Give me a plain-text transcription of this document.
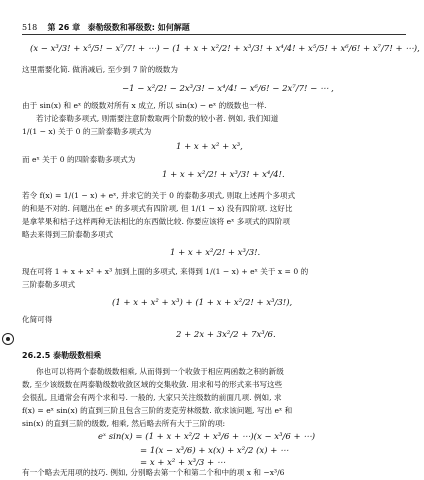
518 第 26 章 泰勒级数和幂级数: 如何解题
(x − x³/3! + x⁵/5! − x⁷/7! + ⋯) − (1 + x + x²/2! + x³/3! + x⁴/4! + x⁵/5! + x⁶/6! + x⁷/7! + ⋯),
这里需要化简. 做消减后, 至少到 7 阶的级数为
−1 − x²/2! − 2x³/3! − x⁴/4! − x⁶/6! − 2x⁷/7! − ⋯ ,
由于 sin(x) 和 eˣ 的级数对所有 x 成立, 所以 sin(x) − eˣ 的级数也一样.
若讨论泰勒多项式, 则需要注意阶数取两个阶数的较小者. 例如, 我们知道
1/(1 − x) 关于 0 的三阶泰勒多项式为
1 + x + x² + x³,
而 eˣ 关于 0 的四阶泰勒多项式为
1 + x + x²/2! + x³/3! + x⁴/4!.
若令 f(x) = 1/(1 − x) + eˣ, 并求它的关于 0 的泰勒多项式, 则取上述两个多项式
的和是不对的. 问题出在 eˣ 的多项式有四阶项, 但 1/(1 − x) 没有四阶项. 这好比
是拿苹果和桔子这样两种无法相比的东西做比较. 你要应该将 eˣ 多项式的四阶项
略去来得到三阶泰勒多项式
1 + x + x²/2! + x³/3!.
现在可将 1 + x + x² + x³ 加到上面的多项式, 来得到 1/(1 − x) + eˣ 关于 x = 0 的
三阶泰勒多项式
(1 + x + x² + x³) + (1 + x + x²/2! + x³/3!),
化简可得
2 + 2x + 3x²/2 + 7x³/6.
26.2.5 泰勒级数相乘
你也可以将两个泰勒级数相乘, 从而得到一个收敛于相应两函数之积的新级
数, 至少该级数在两泰勒级数收敛区域的交集收敛. 用求和号的形式来书写这些
会很乱, 且通常会有两个求和号. 一般的, 大家只关注级数的前面几项. 例如, 求
f(x) = eˣ sin(x) 的直到三阶且包含三阶的麦克劳林级数. 欲求该问题, 写出 eˣ 和
sin(x) 的直到三阶的级数, 相乘, 然后略去所有大于三阶的项:
eˣ sin(x) = (1 + x + x²/2 + x³/6 + ⋯)(x − x³/6 + ⋯)
= 1(x − x³/6) + x(x) + x²/2 (x) + ⋯
= x + x² + x³/3 + ⋯
有一个略去无用项的技巧. 例如, 分别略去第一个和第二个和中的项 x 和 −x³/6
